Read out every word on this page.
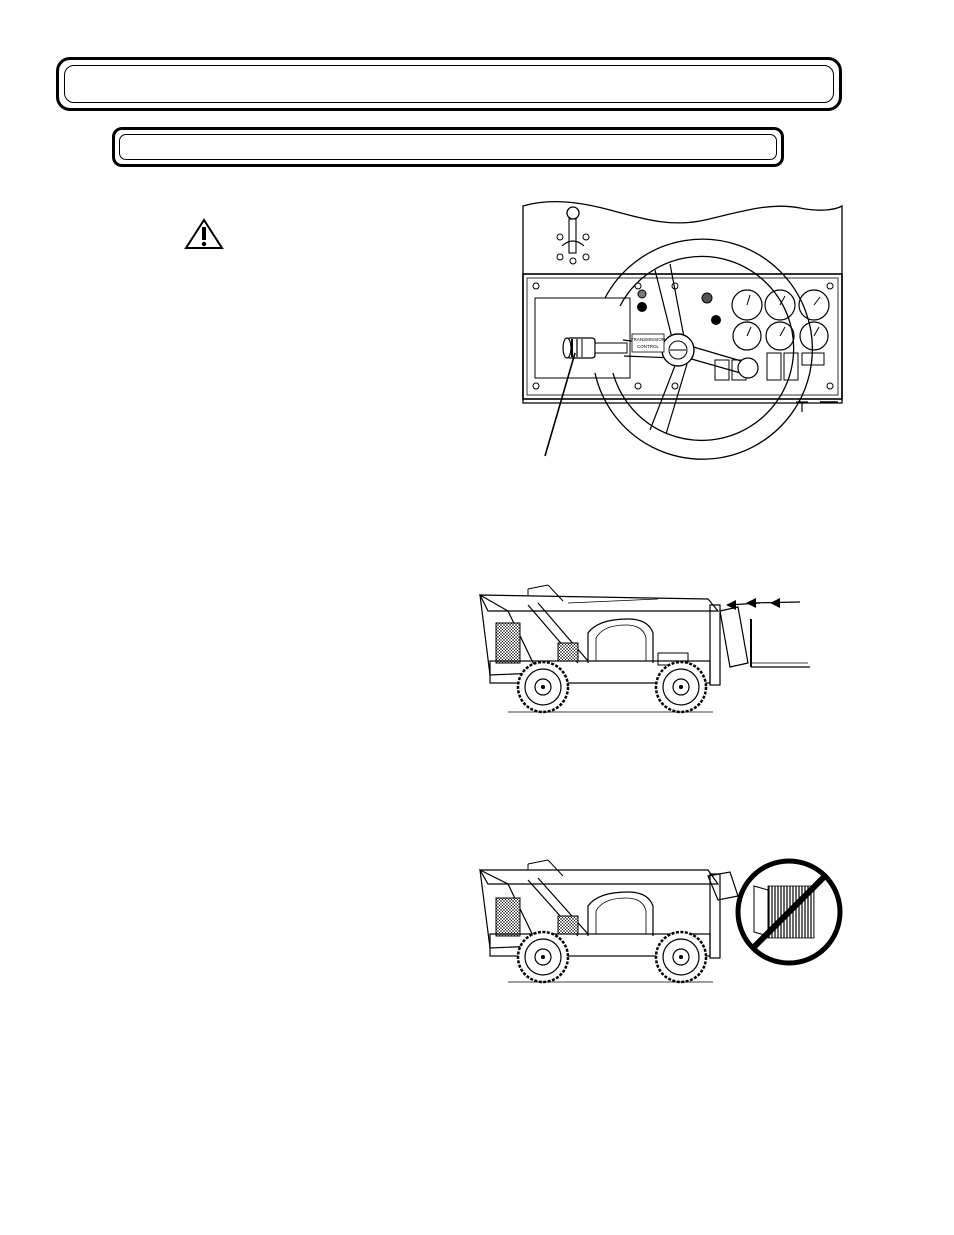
TRANSMISSION
CONTROL
